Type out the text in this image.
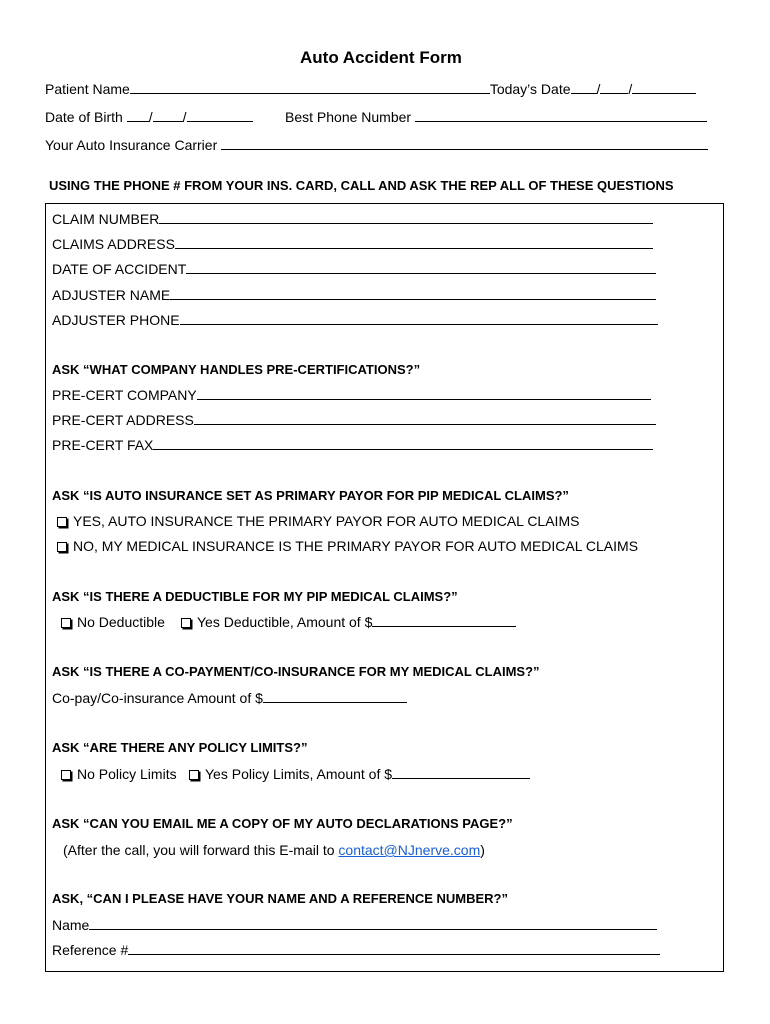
Auto Accident Form
Patient Name	Today’s Date / /
Date of Birth / /	Best Phone Number
Your Auto Insurance Carrier
USING THE PHONE # FROM YOUR INS. CARD, CALL AND ASK THE REP ALL OF THESE QUESTIONS
CLAIM NUMBER
CLAIMS ADDRESS
DATE OF ACCIDENT
ADJUSTER NAME
ADJUSTER PHONE
ASK “WHAT COMPANY HANDLES PRE-CERTIFICATIONS?”
PRE-CERT COMPANY
PRE-CERT ADDRESS
PRE-CERT FAX
ASK “IS AUTO INSURANCE SET AS PRIMARY PAYOR FOR PIP MEDICAL CLAIMS?”
YES, AUTO INSURANCE THE PRIMARY PAYOR FOR AUTO MEDICAL CLAIMS
NO, MY MEDICAL INSURANCE IS THE PRIMARY PAYOR FOR AUTO MEDICAL CLAIMS
ASK “IS THERE A DEDUCTIBLE FOR MY PIP MEDICAL CLAIMS?”
No Deductible	Yes Deductible, Amount of $
ASK “IS THERE A CO-PAYMENT/CO-INSURANCE FOR MY MEDICAL CLAIMS?”
Co-pay/Co-insurance Amount of $
ASK “ARE THERE ANY POLICY LIMITS?”
No Policy Limits	Yes Policy Limits, Amount of $
ASK “CAN YOU EMAIL ME A COPY OF MY AUTO DECLARATIONS PAGE?”
(After the call, you will forward this E-mail to contact@NJnerve.com)
ASK, “CAN I PLEASE HAVE YOUR NAME AND A REFERENCE NUMBER?”
Name
Reference #
